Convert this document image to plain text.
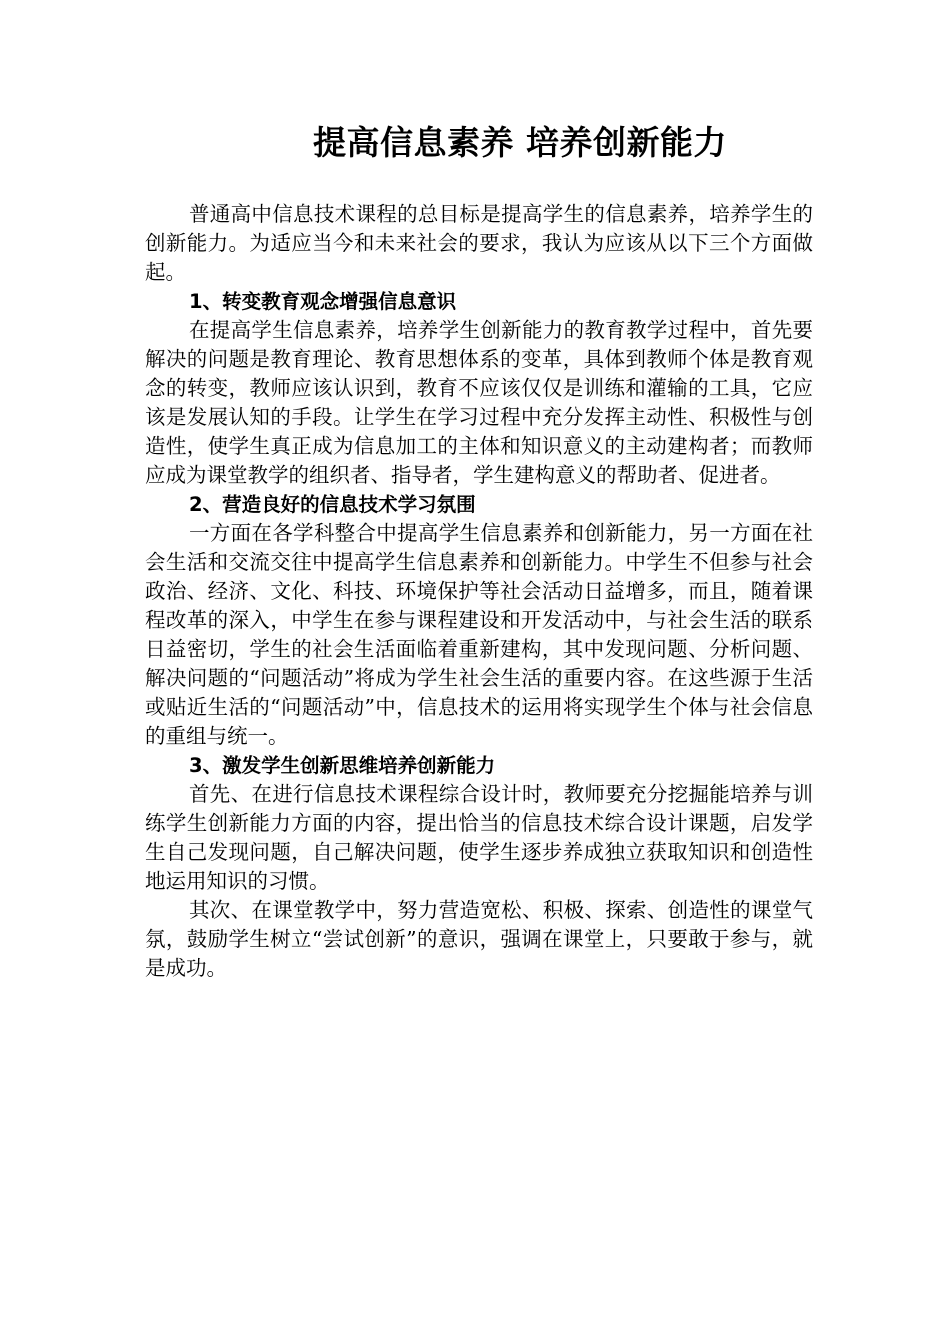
提高信息素养 培养创新能力

普通高中信息技术课程的总目标是提高学生的信息素养，培养学生的创新能力。为适应当今和未来社会的要求，我认为应该从以下三个方面做起。

1、转变教育观念增强信息意识

在提高学生信息素养，培养学生创新能力的教育教学过程中，首先要解决的问题是教育理论、教育思想体系的变革，具体到教师个体是教育观念的转变，教师应该认识到，教育不应该仅仅是训练和灌输的工具，它应该是发展认知的手段。让学生在学习过程中充分发挥主动性、积极性与创造性，使学生真正成为信息加工的主体和知识意义的主动建构者；而教师应成为课堂教学的组织者、指导者，学生建构意义的帮助者、促进者。

2、营造良好的信息技术学习氛围

一方面在各学科整合中提高学生信息素养和创新能力，另一方面在社会生活和交流交往中提高学生信息素养和创新能力。中学生不但参与社会政治、经济、文化、科技、环境保护等社会活动日益增多，而且，随着课程改革的深入，中学生在参与课程建设和开发活动中，与社会生活的联系日益密切，学生的社会生活面临着重新建构，其中发现问题、分析问题、解决问题的“问题活动”将成为学生社会生活的重要内容。在这些源于生活或贴近生活的“问题活动”中，信息技术的运用将实现学生个体与社会信息的重组与统一。

3、激发学生创新思维培养创新能力

首先、在进行信息技术课程综合设计时，教师要充分挖掘能培养与训练学生创新能力方面的内容，提出恰当的信息技术综合设计课题，启发学生自己发现问题，自己解决问题，使学生逐步养成独立获取知识和创造性地运用知识的习惯。

其次、在课堂教学中，努力营造宽松、积极、探索、创造性的课堂气氛，鼓励学生树立“尝试创新”的意识，强调在课堂上，只要敢于参与，就是成功。
